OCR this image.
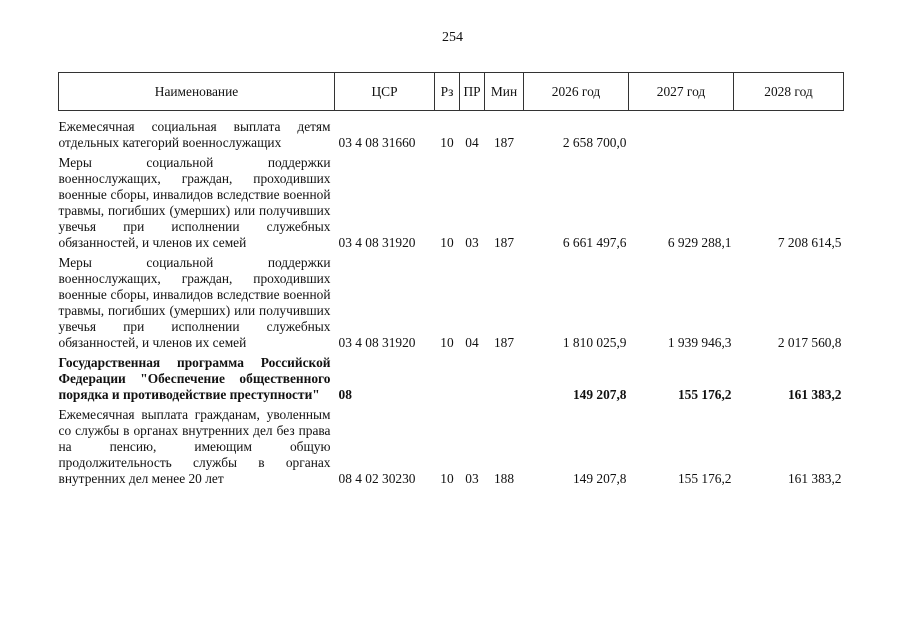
254
Наименование	ЦСР	Рз	ПР	Мин	2026 год	2027 год	2028 год
Ежемесячная социальная выплата детям отдельных категорий военнослужащих	03 4 08 31660	10	04	187	2 658 700,0		
Меры социальной поддержки военнослужащих, граждан, проходивших военные сборы, инвалидов вследствие военной травмы, погибших (умерших) или получивших увечья при исполнении служебных обязанностей, и членов их семей	03 4 08 31920	10	03	187	6 661 497,6	6 929 288,1	7 208 614,5
Меры социальной поддержки военнослужащих, граждан, проходивших военные сборы, инвалидов вследствие военной травмы, погибших (умерших) или получивших увечья при исполнении служебных обязанностей, и членов их семей	03 4 08 31920	10	04	187	1 810 025,9	1 939 946,3	2 017 560,8
Государственная программа Российской Федерации "Обеспечение общественного порядка и противодействие преступности"	08				149 207,8	155 176,2	161 383,2
Ежемесячная выплата гражданам, уволенным со службы в органах внутренних дел без права на пенсию, имеющим общую продолжительность службы в органах внутренних дел менее 20 лет	08 4 02 30230	10	03	188	149 207,8	155 176,2	161 383,2
